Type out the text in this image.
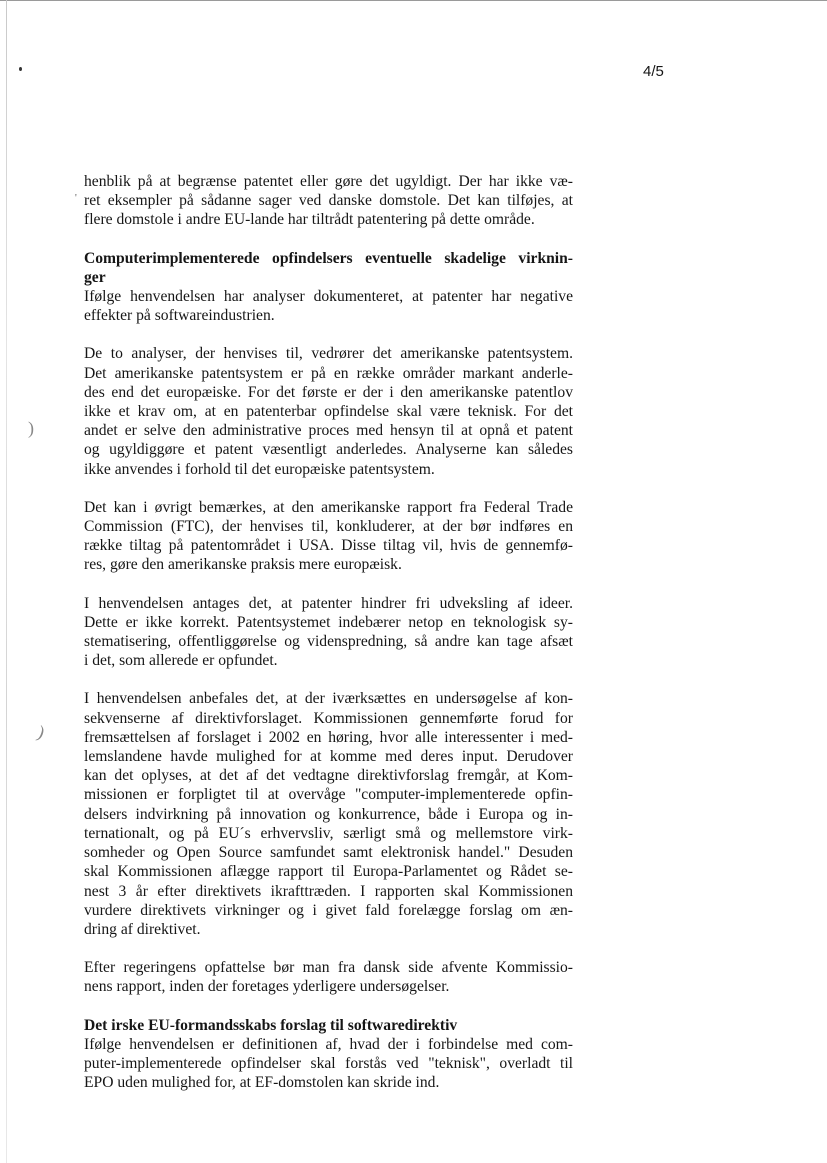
)
)
'
4/5

henblik på at begrænse patentet eller gøre det ugyldigt. Der har ikke væ-
ret eksempler på sådanne sager ved danske domstole. Det kan tilføjes, at
flere domstole i andre EU-lande har tiltrådt patentering på dette område.

Computerimplementerede opfindelsers eventuelle skadelige virknin-
ger

Ifølge henvendelsen har analyser dokumenteret, at patenter har negative
effekter på softwareindustrien.

De to analyser, der henvises til, vedrører det amerikanske patentsystem.
Det amerikanske patentsystem er på en række områder markant anderle-
des end det europæiske. For det første er der i den amerikanske patentlov
ikke et krav om, at en patenterbar opfindelse skal være teknisk. For det
andet er selve den administrative proces med hensyn til at opnå et patent
og ugyldiggøre et patent væsentligt anderledes. Analyserne kan således
ikke anvendes i forhold til det europæiske patentsystem.

Det kan i øvrigt bemærkes, at den amerikanske rapport fra Federal Trade
Commission (FTC), der henvises til, konkluderer, at der bør indføres en
række tiltag på patentområdet i USA. Disse tiltag vil, hvis de gennemfø-
res, gøre den amerikanske praksis mere europæisk.

I henvendelsen antages det, at patenter hindrer fri udveksling af ideer.
Dette er ikke korrekt. Patentsystemet indebærer netop en teknologisk sy-
stematisering, offentliggørelse og videnspredning, så andre kan tage afsæt
i det, som allerede er opfundet.

I henvendelsen anbefales det, at der iværksættes en undersøgelse af kon-
sekvenserne af direktivforslaget. Kommissionen gennemførte forud for
fremsættelsen af forslaget i 2002 en høring, hvor alle interessenter i med-
lemslandene havde mulighed for at komme med deres input. Derudover
kan det oplyses, at det af det vedtagne direktivforslag fremgår, at Kom-
missionen er forpligtet til at overvåge "computer-implementerede opfin-
delsers indvirkning på innovation og konkurrence, både i Europa og in-
ternationalt, og på EU´s erhvervsliv, særligt små og mellemstore virk-
somheder og Open Source samfundet samt elektronisk handel." Desuden
skal Kommissionen aflægge rapport til Europa-Parlamentet og Rådet se-
nest 3 år efter direktivets ikrafttræden. I rapporten skal Kommissionen
vurdere direktivets virkninger og i givet fald forelægge forslag om æn-
dring af direktivet.

Efter regeringens opfattelse bør man fra dansk side afvente Kommissio-
nens rapport, inden der foretages yderligere undersøgelser.

Det irske EU-formandsskabs forslag til softwaredirektiv

Ifølge henvendelsen er definitionen af, hvad der i forbindelse med com-
puter-implementerede opfindelser skal forstås ved "teknisk", overladt til
EPO uden mulighed for, at EF-domstolen kan skride ind.
